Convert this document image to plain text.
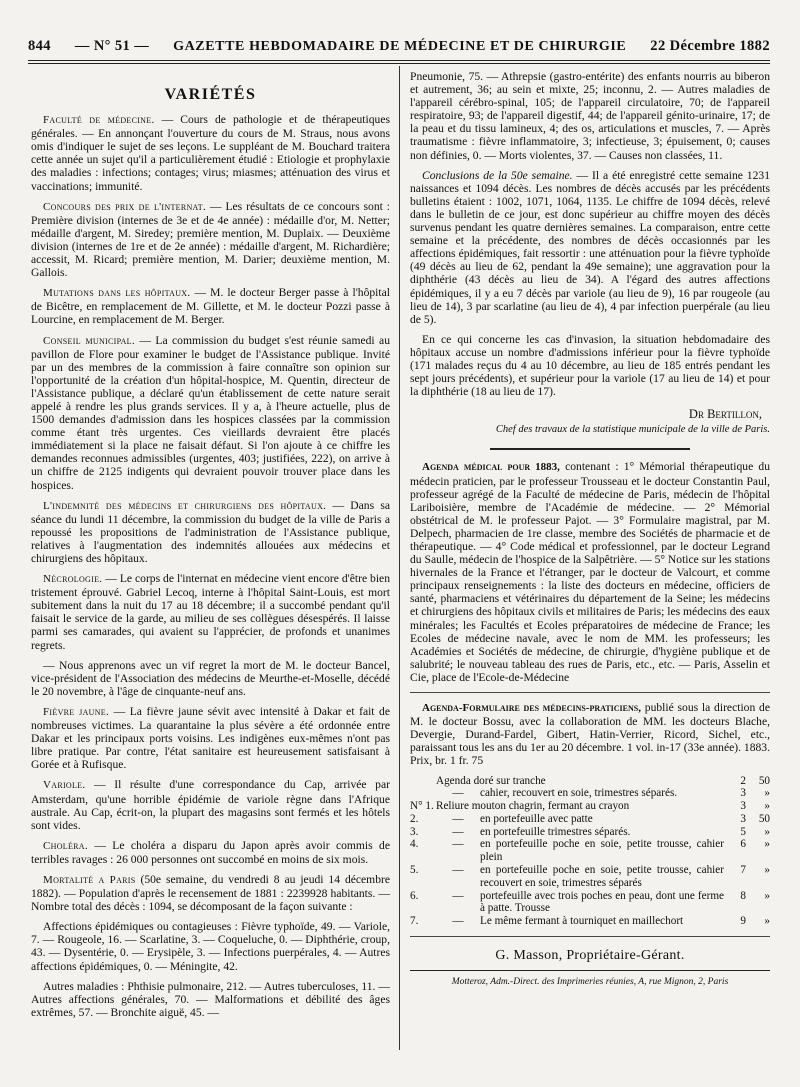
844 — N° 51 — GAZETTE HEBDOMADAIRE DE MÉDECINE ET DE CHIRURGIE 22 Décembre 1882
VARIÉTÉS

Faculté de médecine. — Cours de pathologie et de thérapeutiques générales. — En annonçant l'ouverture du cours de M. Straus, nous avons omis d'indiquer le sujet de ses leçons. Le suppléant de M. Bouchard traitera cette année un sujet qu'il a particulièrement étudié : Etiologie et prophylaxie des maladies : infections; contages; virus; miasmes; atténuation des virus et vaccinations; immunité.

Concours des prix de l'internat. — Les résultats de ce concours sont : Première division (internes de 3e et de 4e année) : médaille d'or, M. Netter; médaille d'argent, M. Siredey; première mention, M. Duplaix. — Deuxième division (internes de 1re et de 2e année) : médaille d'argent, M. Richardière; accessit, M. Ricard; première mention, M. Darier; deuxième mention, M. Gallois.

Mutations dans les hôpitaux. — M. le docteur Berger passe à l'hôpital de Bicêtre, en remplacement de M. Gillette, et M. le docteur Pozzi passe à Lourcine, en remplacement de M. Berger.

Conseil municipal. — La commission du budget s'est réunie samedi au pavillon de Flore pour examiner le budget de l'Assistance publique. Invité par un des membres de la commission à faire connaître son opinion sur l'opportunité de la création d'un hôpital-hospice, M. Quentin, directeur de l'Assistance publique, a déclaré qu'un établissement de cette nature serait appelé à rendre les plus grands services. Il y a, à l'heure actuelle, plus de 1500 demandes d'admission dans les hospices classées par la commission comme étant très urgentes. Ces vieillards devraient être placés immédiatement si la place ne faisait défaut. Si l'on ajoute à ce chiffre les demandes reconnues admissibles (urgentes, 403; justifiées, 222), on arrive à un chiffre de 2125 indigents qui devraient pouvoir trouver place dans les hospices.

L'indemnité des médecins et chirurgiens des hôpitaux. — Dans sa séance du lundi 11 décembre, la commission du budget de la ville de Paris a repoussé les propositions de l'administration de l'Assistance publique, relatives à l'augmentation des indemnités allouées aux médecins et chirurgiens des hôpitaux.

Nécrologie. — Le corps de l'internat en médecine vient encore d'être bien tristement éprouvé. Gabriel Lecoq, interne à l'hôpital Saint-Louis, est mort subitement dans la nuit du 17 au 18 décembre; il a succombé pendant qu'il faisait le service de la garde, au milieu de ses collègues désespérés. Il laisse parmi ses camarades, qui avaient su l'apprécier, de profonds et unanimes regrets.

— Nous apprenons avec un vif regret la mort de M. le docteur Bancel, vice-président de l'Association des médecins de Meurthe-et-Moselle, décédé le 20 novembre, à l'âge de cinquante-neuf ans.

Fièvre jaune. — La fièvre jaune sévit avec intensité à Dakar et fait de nombreuses victimes. La quarantaine la plus sévère a été ordonnée entre Dakar et les principaux ports voisins. Les indigènes eux-mêmes n'ont pas libre pratique. Par contre, l'état sanitaire est heureusement satisfaisant à Gorée et à Rufisque.

Variole. — Il résulte d'une correspondance du Cap, arrivée par Amsterdam, qu'une horrible épidémie de variole règne dans l'Afrique australe. Au Cap, écrit-on, la plupart des magasins sont fermés et les hôtels sont vides.

Choléra. — Le choléra a disparu du Japon après avoir commis de terribles ravages : 26 000 personnes ont succombé en moins de six mois.

Mortalité a Paris (50e semaine, du vendredi 8 au jeudi 14 décembre 1882). — Population d'après le recensement de 1881 : 2239928 habitants. — Nombre total des décès : 1094, se décomposant de la façon suivante :

Affections épidémiques ou contagieuses : Fièvre typhoïde, 49. — Variole, 7. — Rougeole, 16. — Scarlatine, 3. — Coqueluche, 0. — Diphthérie, croup, 43. — Dysentérie, 0. — Erysipèle, 3. — Infections puerpérales, 4. — Autres affections épidémiques, 0. — Méningite, 42.

Autres maladies : Phthisie pulmonaire, 212. — Autres tuberculoses, 11. — Autres affections générales, 70. — Malformations et débilité des âges extrêmes, 57. — Bronchite aiguë, 45. —

Pneumonie, 75. — Athrepsie (gastro-entérite) des enfants nourris au biberon et autrement, 36; au sein et mixte, 25; inconnu, 2. — Autres maladies de l'appareil cérébro-spinal, 105; de l'appareil circulatoire, 70; de l'appareil respiratoire, 93; de l'appareil digestif, 44; de l'appareil génito-urinaire, 17; de la peau et du tissu lamineux, 4; des os, articulations et muscles, 7. — Après traumatisme : fièvre inflammatoire, 3; infectieuse, 3; épuisement, 0; causes non définies, 0. — Morts violentes, 37. — Causes non classées, 11.

Conclusions de la 50e semaine. — Il a été enregistré cette semaine 1231 naissances et 1094 décès. Les nombres de décès accusés par les précédents bulletins étaient : 1002, 1071, 1064, 1135. Le chiffre de 1094 décès, relevé dans le bulletin de ce jour, est donc supérieur au chiffre moyen des décès survenus pendant les quatre dernières semaines. La comparaison, entre cette semaine et la précédente, des nombres de décès occasionnés par les affections épidémiques, fait ressortir : une atténuation pour la fièvre typhoïde (49 décès au lieu de 62, pendant la 49e semaine); une aggravation pour la diphthérie (43 décès au lieu de 34). A l'égard des autres affections épidémiques, il y a eu 7 décès par variole (au lieu de 9), 16 par rougeole (au lieu de 14), 3 par scarlatine (au lieu de 4), 4 par infection puerpérale (au lieu de 5).

En ce qui concerne les cas d'invasion, la situation hebdomadaire des hôpitaux accuse un nombre d'admissions inférieur pour la fièvre typhoïde (171 malades reçus du 4 au 10 décembre, au lieu de 185 entrés pendant les sept jours précédents), et supérieur pour la variole (17 au lieu de 14) et pour la diphthérie (18 au lieu de 17).

Dr Bertillon,

Chef des travaux de la statistique municipale de la ville de Paris.

Agenda médical pour 1883, contenant : 1° Mémorial thérapeutique du médecin praticien, par le professeur Trousseau et le docteur Constantin Paul, professeur agrégé de la Faculté de médecine de Paris, médecin de l'hôpital Lariboisière, membre de l'Académie de médecine. — 2° Mémorial obstétrical de M. le professeur Pajot. — 3° Formulaire magistral, par M. Delpech, pharmacien de 1re classe, membre des Sociétés de pharmacie et de thérapeutique. — 4° Code médical et professionnel, par le docteur Legrand du Saulle, médecin de l'hospice de la Salpêtrière. — 5° Notice sur les stations hivernales de la France et l'étranger, par le docteur de Valcourt, et comme principaux renseignements : la liste des docteurs en médecine, officiers de santé, pharmaciens et vétérinaires du département de la Seine; les médecins et chirurgiens des hôpitaux civils et militaires de Paris; les médecins des eaux minérales; les Facultés et Ecoles préparatoires de médecine de France; les Ecoles de médecine navale, avec le nom de MM. les professeurs; les Académies et Sociétés de médecine, de chirurgie, d'hygiène publique et de salubrité; le nouveau tableau des rues de Paris, etc., etc. — Paris, Asselin et Cie, place de l'Ecole-de-Médecine

Agenda-Formulaire des médecins-praticiens, publié sous la direction de M. le docteur Bossu, avec la collaboration de MM. les docteurs Blache, Devergie, Durand-Fardel, Gibert, Hatin-Verrier, Ricord, Sichel, etc., paraissant tous les ans du 1er au 20 décembre. 1 vol. in-17 (33e année). 1883. Prix, br. 1 fr. 75

	Agenda doré sur tranche		2	50
	—	cahier, recouvert en soie, trimestres séparés.	3	»
N° 1.	Reliure mouton chagrin, fermant au crayon		3	»
2.	—	en portefeuille avec patte	3	50
3.	—	en portefeuille trimestres séparés.	5	»
4.	—	en portefeuille poche en soie, petite trousse, cahier plein	6	»
5.	—	en portefeuille poche en soie, petite trousse, cahier recouvert en soie, trimestres séparés	7	»
6.	—	portefeuille avec trois poches en peau, dont une ferme à patte. Trousse	8	»
7.	—	Le même fermant à tourniquet en maillechort	9	»
G. Masson, Propriétaire-Gérant.
Motteroz, Adm.-Direct. des Imprimeries réunies, A, rue Mignon, 2, Paris
